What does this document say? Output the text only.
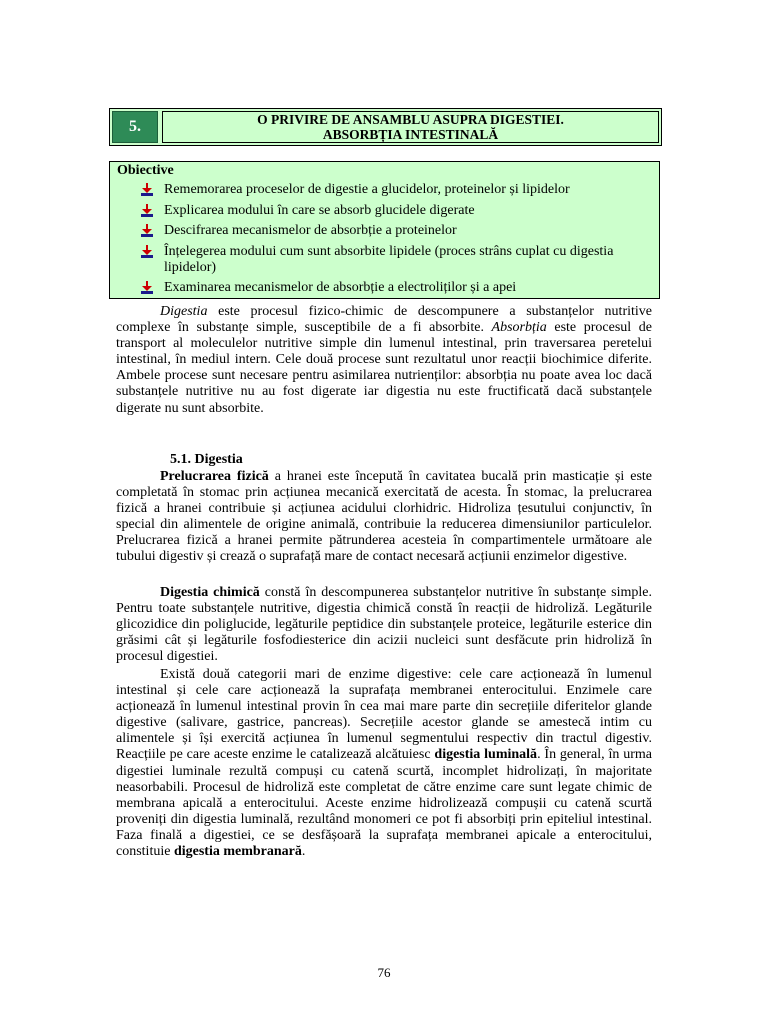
5.	O PRIVIRE DE ANSAMBLU ASUPRA DIGESTIEI.
ABSORBȚIA INTESTINALĂ
Obiective
Rememorarea proceselor de digestie a glucidelor, proteinelor și lipidelor
Explicarea modului în care se absorb glucidele digerate
Descifrarea mecanismelor de absorbție a proteinelor
Înțelegerea modului cum sunt absorbite lipidele (proces strâns cuplat cu digestia lipidelor)
Examinarea mecanismelor de absorbție a electroliților și a apei

Digestia este procesul fizico-chimic de descompunere a substanțelor nutritive complexe în substanțe simple, susceptibile de a fi absorbite. Absorbția este procesul de transport al moleculelor nutritive simple din lumenul intestinal, prin traversarea peretelui intestinal, în mediul intern. Cele două procese sunt rezultatul unor reacții biochimice diferite. Ambele procese sunt necesare pentru asimilarea nutrienților: absorbția nu poate avea loc dacă substanțele nutritive nu au fost digerate iar digestia nu este fructificată dacă substanțele digerate nu sunt absorbite.

5.1. Digestia

Prelucrarea fizică a hranei este începută în cavitatea bucală prin masticație și este completată în stomac prin acțiunea mecanică exercitată de acesta. În stomac, la prelucrarea fizică a hranei contribuie și acțiunea acidului clorhidric. Hidroliza țesutului conjunctiv, în special din alimentele de origine animală, contribuie la reducerea dimensiunilor particulelor. Prelucrarea fizică a hranei permite pătrunderea acesteia în compartimentele următoare ale tubului digestiv și crează o suprafață mare de contact necesară acțiunii enzimelor digestive.

Digestia chimică constă în descompunerea substanțelor nutritive în substanțe simple. Pentru toate substanțele nutritive, digestia chimică constă în reacții de hidroliză. Legăturile glicozidice din poliglucide, legăturile peptidice din substanțele proteice, legăturile esterice din grăsimi cât și legăturile fosfodiesterice din acizii nucleici sunt desfăcute prin hidroliză în procesul digestiei.

Există două categorii mari de enzime digestive: cele care acționează în lumenul intestinal și cele care acționează la suprafața membranei enterocitului. Enzimele care acționează în lumenul intestinal provin în cea mai mare parte din secrețiile diferitelor glande digestive (salivare, gastrice, pancreas). Secrețiile acestor glande se amestecă intim cu alimentele și își exercită acțiunea în lumenul segmentului respectiv din tractul digestiv. Reacțiile pe care aceste enzime le catalizează alcătuiesc digestia luminală. În general, în urma digestiei luminale rezultă compuși cu catenă scurtă, incomplet hidrolizați, în majoritate neasorbabili. Procesul de hidroliză este completat de către enzime care sunt legate chimic de membrana apicală a enterocitului. Aceste enzime hidrolizează compușii cu catenă scurtă proveniți din digestia luminală, rezultând monomeri ce pot fi absorbiți prin epiteliul intestinal. Faza finală a digestiei, ce se desfășoară la suprafața membranei apicale a enterocitului, constituie digestia membranară.

76
